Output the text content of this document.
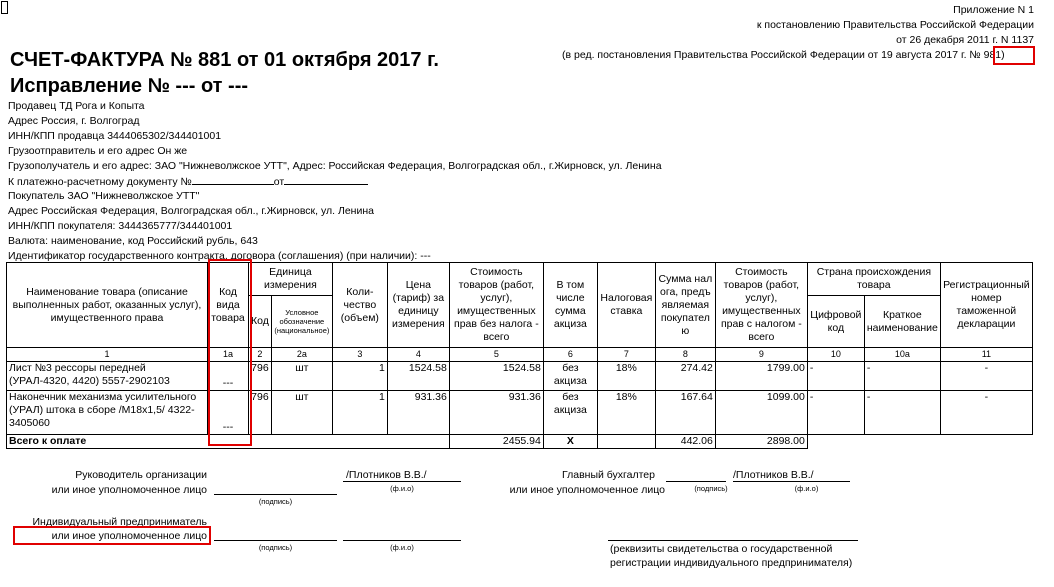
Приложение N 1
к постановлению Правительства Российской Федерации
от 26 декабря 2011 г. N 1137
(в ред. постановления Правительства Российской Федерации от 19 августа 2017 г. № 981)
СЧЕТ-ФАКТУРА № 881 от 01 октября 2017 г.
Исправление № --- от ---
Продавец ТД Рога и Копыта
Адрес Россия, г. Волгоград
ИНН/КПП продавца 3444065302/344401001
Грузоотправитель и его адрес Он же
Грузополучатель и его адрес: ЗАО "Нижневолжское УТТ", Адрес: Российская Федерация, Волгоградская обл., г.Жирновск, ул. Ленина
К платежно-расчетному документу №	от
Покупатель ЗАО "Нижневолжское УТТ"
Адрес Российская Федерация, Волгоградская обл., г.Жирновск, ул. Ленина
ИНН/КПП покупателя: 3444365777/344401001
Валюта: наименование, код Российский рубль, 643
Идентификатор государственного контракта, договора (соглашения) (при наличии): ---
Наименование товара (описание выполненных работ, оказанных услуг), имущественного права	Код вида товара	Единица измерения		Коли-чество (объем)	Цена (тариф) за единицу измерения	Стоимость товаров (работ, услуг), имущественных прав без налога - всего	В том числе сумма акциза	Налоговая ставка	Сумма налога, предъявляемая покупателю	Стоимость товаров (работ, услуг), имущественных прав с налогом - всего	Страна происхождения товара		Регистрационный номер таможенной декларации
		Код	Условное обозначение (национальное)								Цифровой код	Краткое наименование	
1	1а	2	2а	3	4	5	6	7	8	9	10	10а	11
Лист №3 рессоры передней (УРАЛ-4320, 4420) 5557-2902103	---	796	шт	1	1524.58	1524.58	без акциза	18%	274.42	1799.00	-	-	-
Наконечник механизма усилительного (УРАЛ) штока в сборе /М18х1,5/ 4322-3405060	---	796	шт	1	931.36	931.36	без акциза	18%	167.64	1099.00	-	-	-
Всего к оплате						2455.94	X		442.06	2898.00			
Руководитель организации
или иное уполномоченное лицо
(подпись)
/Плотников В.В./
(ф.и.о)
Главный бухгалтер
или иное уполномоченное лицо	(подпись)
/Плотников В.В./
(ф.и.о)
Индивидуальный предприниматель
или иное уполномоченное лицо
(подпись)	(ф.и.о)	(реквизиты свидетельства о государственной
регистрации индивидуального предпринимателя)
